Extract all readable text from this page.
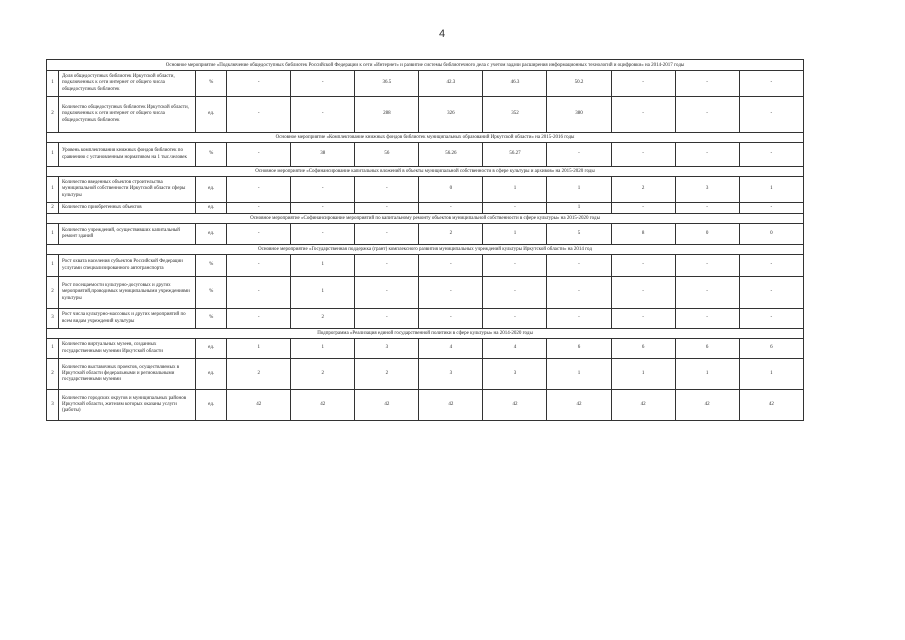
4
Основное мероприятие «Подключение общедоступных библиотек Российской Федерации к сети «Интернет» и развитие системы библиотечного дела с учетом задачи расширения информационных технологий и оцифровки» на 2014-2017 годы											
1	Доля общедоступных библиотек Иркутской области, подключенных к сети интернет от общего числа общедоступных библиотек	%	-	-	36.5	42.3	46.3	50.2	-	-	-
2	Количество общедоступных библиотек Иркутской области, подключенных к сети интернет от общего числа общедоступных библиотек	ед.	-	-	288	326	352	380	-	-	-
Основное мероприятие «Комплектование книжных фондов библиотек муниципальных образований Иркутской области» на 2015-2016 годы											
1	Уровень комплектования книжных фондов библиотек по сравнению с установленным нормативом на 1 тыс.человек	%	-	38	56	56.26	56.27	-	-	-	-
Основное мероприятие «Софинансирование капитальных вложений в объекты муниципальной собственности в сфере культуры и архивов» на 2015-2020 годы											
1	Количество введенных объектов строительства муниципальной собственности Иркутской области сферы культуры	ед.	-	-	-	0	1	1	2	3	1
2	Количество приобретенных объектов	ед.	-	-	-	-	-	1	-	-	-
Основное мероприятие «Софинансирование мероприятий по капитальному ремонту объектов муниципальной собственности в сфере культуры» на 2015-2020 годы											
1	Количество учреждений, осуществивших капитальный ремонт зданий	ед.	-	-	-	2	1	5	8	0	0
Основное мероприятие «Государственная поддержка (грант) комплексного развития муниципальных учреждений культуры Иркутской области» на 2014 год											
1	Рост охвата населения субъектов Российской Федерации услугами специализированного автотранспорта	%	-	1	-	-	-	-	-	-	-
2	Рост посещаемости культурно-досуговых и других мероприятий,проводимых муниципальными учреждениями культуры	%	-	1	-	-	-	-	-	-	-
3	Рост числа культурно-массовых и других мероприятий по всем видам учреждений культуры	%	-	2	-	-	-	-	-	-	-
Подпрограмма «Реализация единой государственной политики в сфере культуры» на 2014-2020 годы											
1	Количество виртуальных музеев, созданных государственными музеями Иркутской области	ед.	1	1	3	4	4	6	6	6	6
2	Количество выставочных проектов, осуществляемых в Иркутской области федеральными и региональными государственными музеями	ед.	2	2	2	3	3	1	1	1	1
3	Количество городских округов и муниципальных районов Иркутской области, жителям которых оказаны услуги (работы)	ед.	42	42	42	42	42	42	42	42	42
